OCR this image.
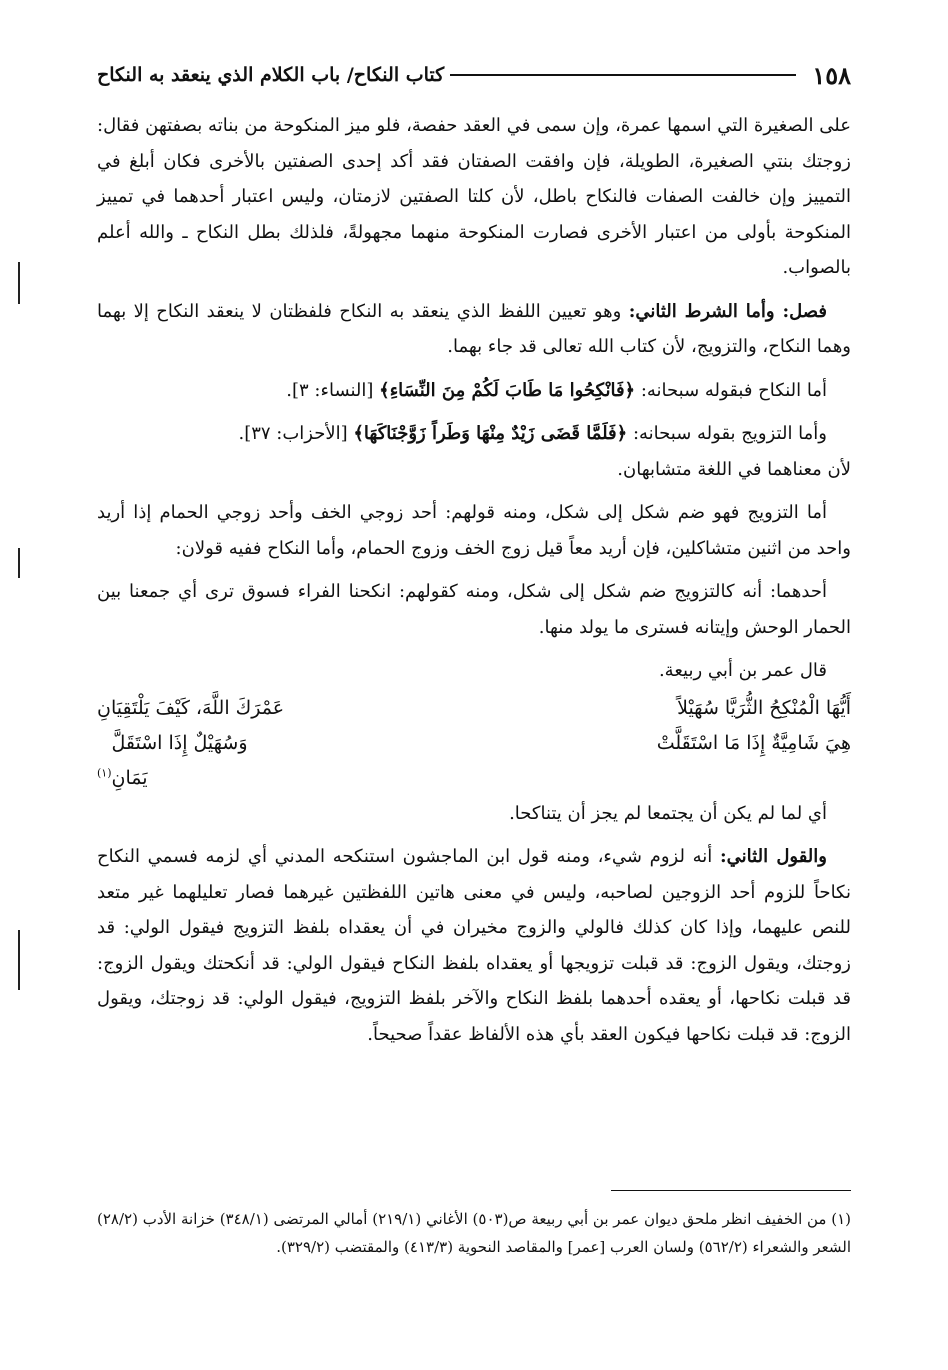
١٥٨
كتاب النكاح/ باب الكلام الذي ينعقد به النكاح

على الصغيرة التي اسمها عمرة، وإن سمى في العقد حفصة، فلو ميز المنكوحة من بناته بصفتهن فقال: زوجتك بنتي الصغيرة، الطويلة، فإن وافقت الصفتان فقد أكد إحدى الصفتين بالأخرى فكان أبلغ في التمييز وإن خالفت الصفات فالنكاح باطل، لأن كلتا الصفتين لازمتان، وليس اعتبار أحدهما في تمييز المنكوحة بأولى من اعتبار الأخرى فصارت المنكوحة منهما مجهولةً، فلذلك بطل النكاح ـ والله أعلم بالصواب.

فصل: وأما الشرط الثاني: وهو تعيين اللفظ الذي ينعقد به النكاح فلفظتان لا ينعقد النكاح إلا بهما وهما النكاح، والتزويج، لأن كتاب الله تعالى قد جاء بهما.

أما النكاح فبقوله سبحانه: ﴿فَانْكِحُوا مَا طَابَ لَكُمْ مِنَ النِّسَاءِ﴾ [النساء: ٣].

وأما التزويج بقوله سبحانه: ﴿فَلَمَّا قَضَى زَيْدٌ مِنْهَا وَطَراً زَوَّجْنَاكَهَا﴾ [الأحزاب: ٣٧].

لأن معناهما في اللغة متشابهان.

أما التزويج فهو ضم شكل إلى شكل، ومنه قولهم: أحد زوجي الخف وأحد زوجي الحمام إذا أريد واحد من اثنين متشاكلين، فإن أريد معاً قيل زوج الخف وزوج الحمام، وأما النكاح ففيه قولان:

أحدهما: أنه كالتزويج ضم شكل إلى شكل، ومنه كقولهم: انكحنا الفراء فسوق ترى أي جمعنا بين الحمار الوحش وإيتانه فسترى ما يولد منها.

قال عمر بن أبي ربيعة.

أَيُّهَا الْمُنْكِحُ الثُّرَيَّا سُهَيْلاً
عَمْرَكَ اللَّهَ، كَيْفَ يَلْتَقِيَانِ
هِيَ شَامِيَّةٌ إِذَا مَا اسْتَقَلَّتْ
وَسُهَيْلٌ إِذَا اسْتَقَلَّ يَمَانِ$^{(١)}$

أي لما لم يكن أن يجتمعا لم يجز أن يتناكحا.

والقول الثاني: أنه لزوم شيء، ومنه قول ابن الماجشون استنكحه المدني أي لزمه فسمي النكاح نكاحاً للزوم أحد الزوجين لصاحبه، وليس في معنى هاتين اللفظتين غيرهما فصار تعليلهما غير متعد للنص عليهما، وإذا كان كذلك فالولي والزوج مخيران في أن يعقداه بلفظ التزويج فيقول الولي: قد زوجتك، ويقول الزوج: قد قبلت تزويجها أو يعقداه بلفظ النكاح فيقول الولي: قد أنكحتك ويقول الزوج: قد قبلت نكاحها، أو يعقده أحدهما بلفظ النكاح والآخر بلفظ التزويج، فيقول الولي: قد زوجتك، ويقول الزوج: قد قبلت نكاحها فيكون العقد بأي هذه الألفاظ عقداً صحيحاً.

(١) من الخفيف انظر ملحق ديوان عمر بن أبي ربيعة ص(٥٠٣) الأغاني (٢١٩/١) أمالي المرتضى (٣٤٨/١) خزانة الأدب (٢٨/٢) الشعر والشعراء (٥٦٢/٢) ولسان العرب [عمر] والمقاصد النحوية (٤١٣/٣) والمقتضب (٣٢٩/٢).
